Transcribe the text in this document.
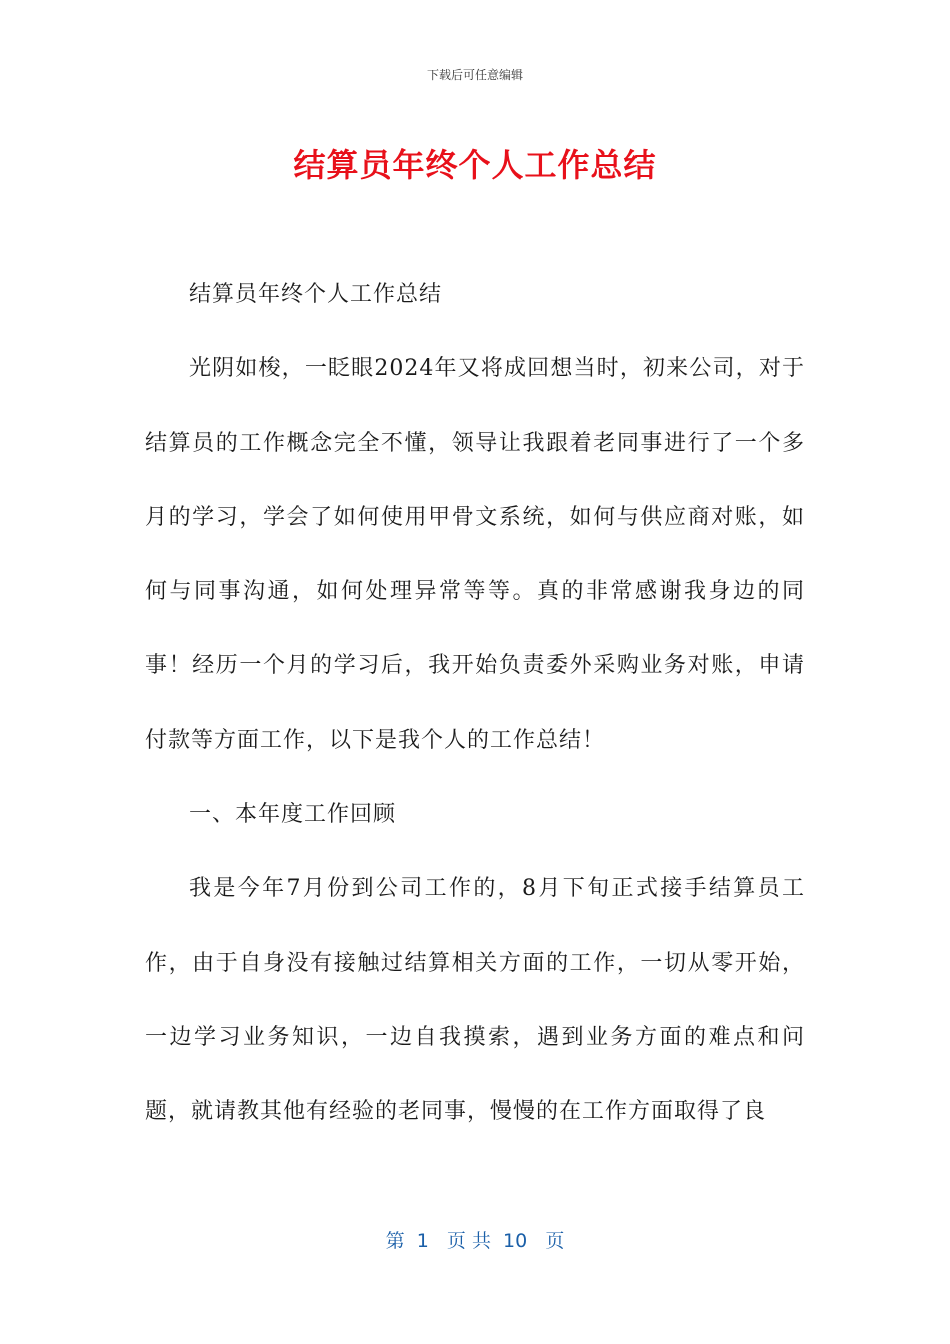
下载后可任意编辑
结算员年终个人工作总结

结算员年终个人工作总结

光阴如梭，一眨眼2024年又将成回想当时，初来公司，对于结算员的工作概念完全不懂，领导让我跟着老同事进行了一个多月的学习，学会了如何使用甲骨文系统，如何与供应商对账，如何与同事沟通，如何处理异常等等。真的非常感谢我身边的同事！经历一个月的学习后，我开始负责委外采购业务对账，申请付款等方面工作，以下是我个人的工作总结！

一、本年度工作回顾

我是今年7月份到公司工作的，8月下旬正式接手结算员工作，由于自身没有接触过结算相关方面的工作，一切从零开始，一边学习业务知识，一边自我摸索，遇到业务方面的难点和问题，就请教其他有经验的老同事，慢慢的在工作方面取得了良

第  1   页 共  10   页
